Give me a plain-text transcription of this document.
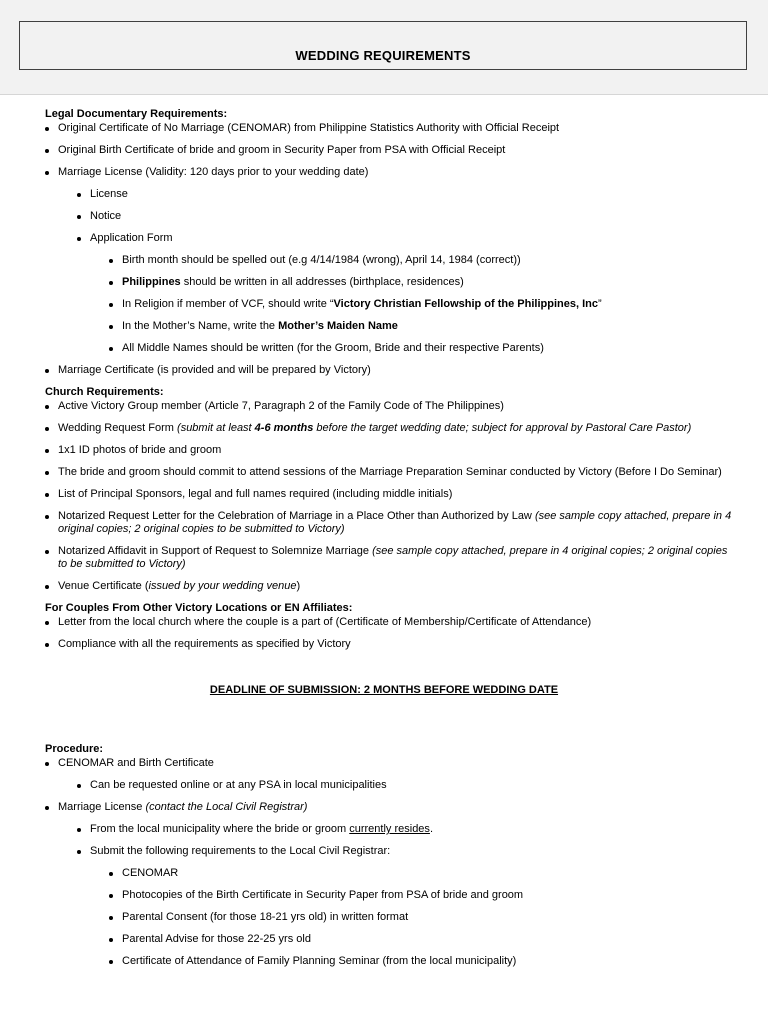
WEDDING REQUIREMENTS
Legal Documentary Requirements:
Original Certificate of No Marriage (CENOMAR) from Philippine Statistics Authority with Official Receipt
Original Birth Certificate of bride and groom in Security Paper from PSA with Official Receipt
Marriage License (Validity: 120 days prior to your wedding date)
License
Notice
Application Form
Birth month should be spelled out (e.g 4/14/1984 (wrong), April 14, 1984 (correct))
Philippines should be written in all addresses (birthplace, residences)
In Religion if member of VCF, should write “Victory Christian Fellowship of the Philippines, Inc”
In the Mother’s Name, write the Mother’s Maiden Name
All Middle Names should be written (for the Groom, Bride and their respective Parents)
Marriage Certificate (is provided and will be prepared by Victory)
Church Requirements:
Active Victory Group member (Article 7, Paragraph 2 of the Family Code of The Philippines)
Wedding Request Form (submit at least 4-6 months before the target wedding date; subject for approval by Pastoral Care Pastor)
1x1 ID photos of bride and groom
The bride and groom should commit to attend sessions of the Marriage Preparation Seminar conducted by Victory (Before I Do Seminar)
List of Principal Sponsors, legal and full names required (including middle initials)
Notarized Request Letter for the Celebration of Marriage in a Place Other than Authorized by Law (see sample copy attached, prepare in 4 original copies; 2 original copies to be submitted to Victory)
Notarized Affidavit in Support of Request to Solemnize Marriage (see sample copy attached, prepare in 4 original copies; 2 original copies to be submitted to Victory)
Venue Certificate (issued by your wedding venue)
For Couples From Other Victory Locations or EN Affiliates:
Letter from the local church where the couple is a part of (Certificate of Membership/Certificate of Attendance)
Compliance with all the requirements as specified by Victory
DEADLINE OF SUBMISSION: 2 MONTHS BEFORE WEDDING DATE
Procedure:
CENOMAR and Birth Certificate
Can be requested online or at any PSA in local municipalities
Marriage License (contact the Local Civil Registrar)
From the local municipality where the bride or groom currently resides.
Submit the following requirements to the Local Civil Registrar:
CENOMAR
Photocopies of the Birth Certificate in Security Paper from PSA of bride and groom
Parental Consent (for those 18-21 yrs old) in written format
Parental Advise for those 22-25 yrs old
Certificate of Attendance of Family Planning Seminar (from the local municipality)
